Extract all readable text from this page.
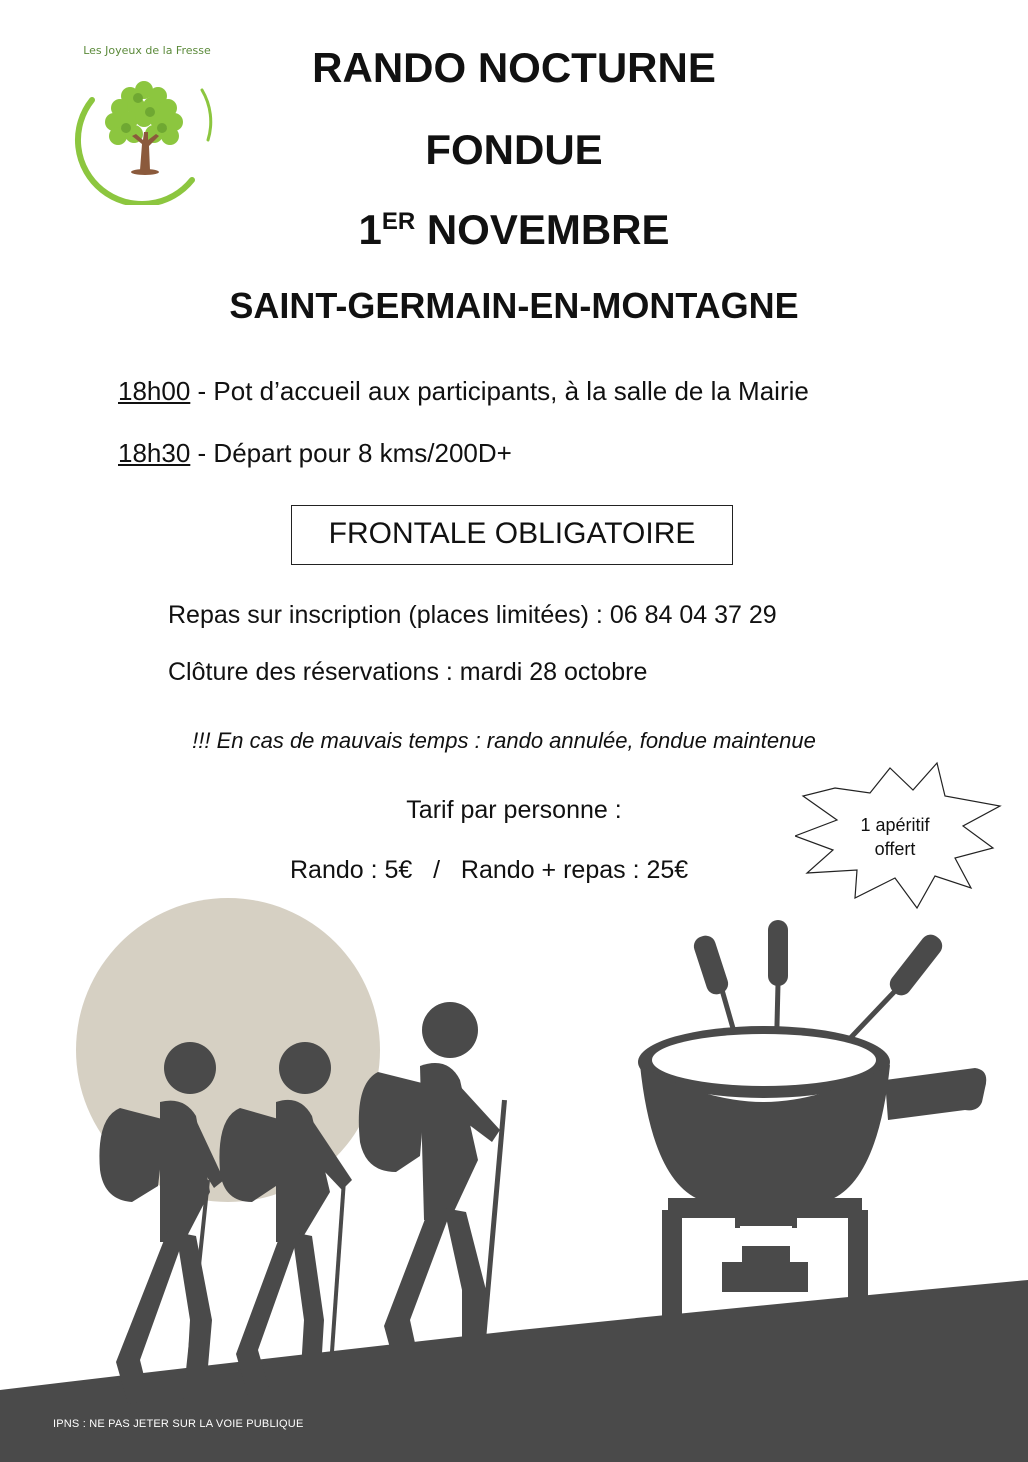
Les Joyeux de la Fresse	RANDO NOCTURNE
FONDUE
1ER NOVEMBRE
SAINT-GERMAIN-EN-MONTAGNE
18h00 - Pot d’accueil aux participants, à la salle de la Mairie
18h30 - Départ pour 8 kms/200D+
FRONTALE OBLIGATOIRE
Repas sur inscription (places limitées) : 06 84 04 37 29
Clôture des réservations : mardi 28 octobre
!!! En cas de mauvais temps : rando annulée, fondue maintenue
Tarif par personne :
Rando : 5€   /   Rando + repas : 25€
1 apéritif
offert
IPNS : NE PAS JETER SUR LA VOIE PUBLIQUE
